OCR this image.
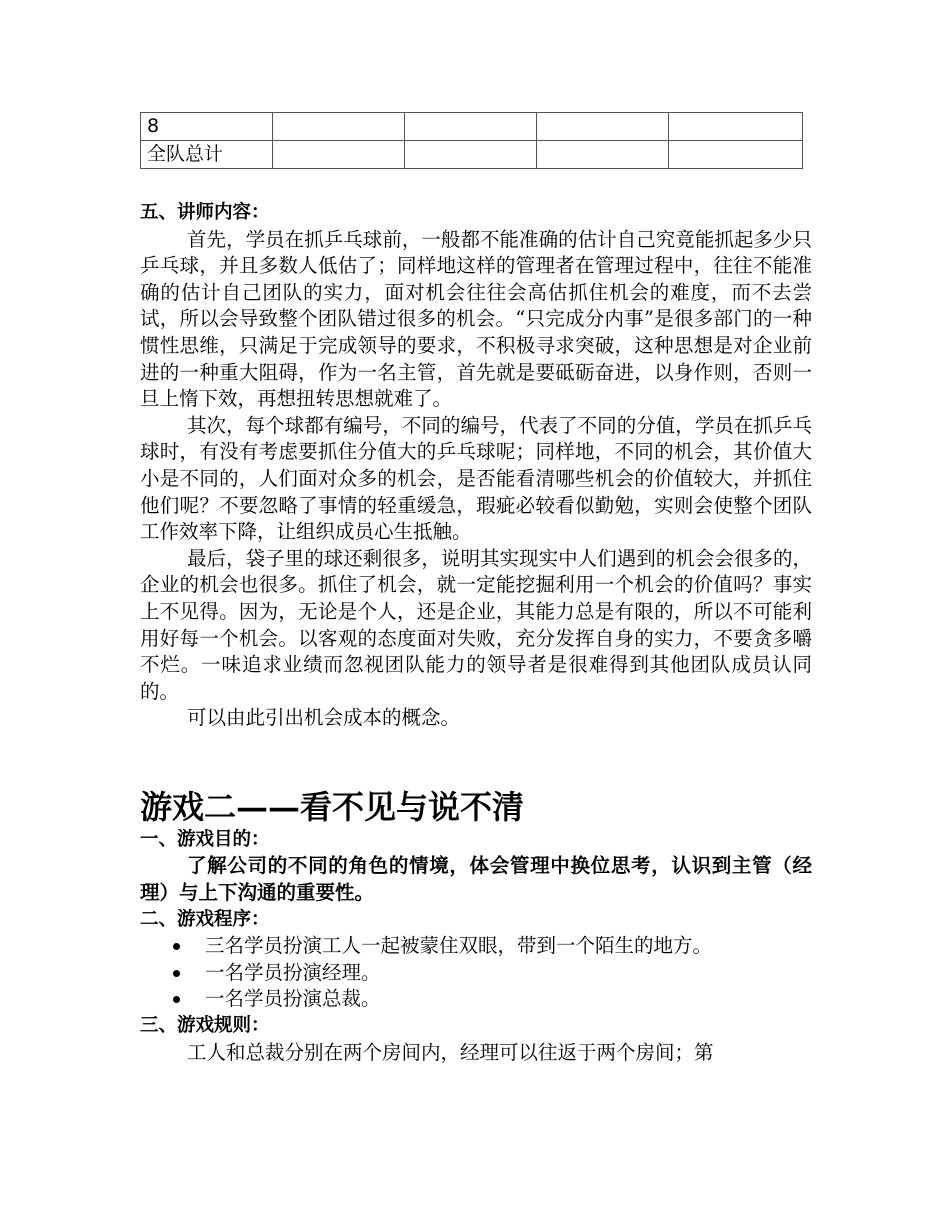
8				
全队总计				
五、讲师内容：
首先，学员在抓乒乓球前，一般都不能准确的估计自己究竟能抓起多少只乒乓球，并且多数人低估了；同样地这样的管理者在管理过程中，往往不能准确的估计自己团队的实力，面对机会往往会高估抓住机会的难度，而不去尝试，所以会导致整个团队错过很多的机会。“只完成分内事”是很多部门的一种惯性思维，只满足于完成领导的要求，不积极寻求突破，这种思想是对企业前进的一种重大阻碍，作为一名主管，首先就是要砥砺奋进，以身作则，否则一旦上惰下效，再想扭转思想就难了。
其次，每个球都有编号，不同的编号，代表了不同的分值，学员在抓乒乓球时，有没有考虑要抓住分值大的乒乓球呢；同样地，不同的机会，其价值大小是不同的，人们面对众多的机会，是否能看清哪些机会的价值较大，并抓住他们呢？不要忽略了事情的轻重缓急，瑕疵必较看似勤勉，实则会使整个团队工作效率下降，让组织成员心生抵触。
最后，袋子里的球还剩很多，说明其实现实中人们遇到的机会会很多的，企业的机会也很多。抓住了机会，就一定能挖掘利用一个机会的价值吗？事实上不见得。因为，无论是个人，还是企业，其能力总是有限的，所以不可能利用好每一个机会。以客观的态度面对失败，充分发挥自身的实力，不要贪多嚼不烂。一味追求业绩而忽视团队能力的领导者是很难得到其他团队成员认同的。
可以由此引出机会成本的概念。
游戏二——看不见与说不清
一、游戏目的：
了解公司的不同的角色的情境，体会管理中换位思考，认识到主管（经理）与上下沟通的重要性。
二、游戏程序：
三名学员扮演工人一起被蒙住双眼，带到一个陌生的地方。
一名学员扮演经理。
一名学员扮演总裁。
三、游戏规则：
工人和总裁分别在两个房间内，经理可以往返于两个房间；第
